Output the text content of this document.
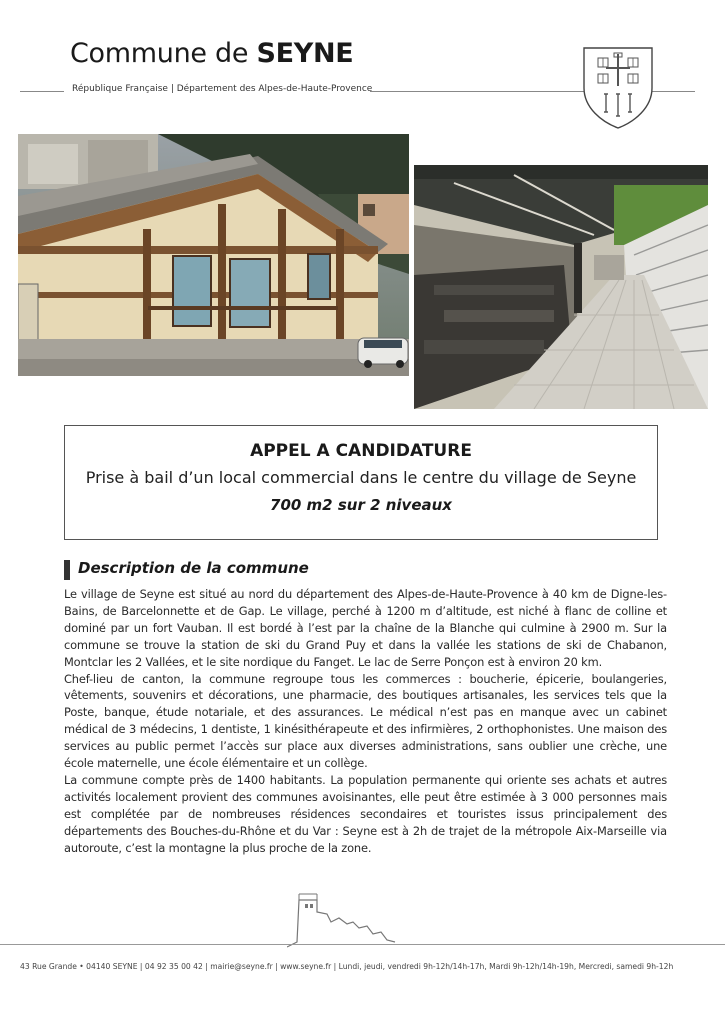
Commune de SEYNE
République Française | Département des Alpes-de-Haute-Provence
APPEL A CANDIDATURE
Prise à bail d’un local commercial dans le centre du village de Seyne
700 m2 sur 2 niveaux
Description de la commune

Le village de Seyne est situé au nord du département des Alpes-de-Haute-Provence à 40 km de Digne-les-Bains, de Barcelonnette et de Gap. Le village, perché à 1200 m d’altitude, est niché à flanc de colline et dominé par un fort Vauban. Il est bordé à l’est par la chaîne de la Blanche qui culmine à 2900 m. Sur la commune se trouve la station de ski du Grand Puy et dans la vallée les stations de ski de Chabanon, Montclar les 2 Vallées, et le site nordique du Fanget. Le lac de Serre Ponçon est à environ 20 km.

Chef-lieu de canton, la commune regroupe tous les commerces : boucherie, épicerie, boulangeries, vêtements, souvenirs et décorations, une pharmacie, des boutiques artisanales, les services tels que la Poste, banque, étude notariale, et des assurances. Le médical n’est pas en manque avec un cabinet médical de 3 médecins, 1 dentiste, 1 kinésithérapeute et des infirmières, 2 orthophonistes. Une maison des services au public permet l’accès sur place aux diverses administrations, sans oublier une crèche, une école maternelle, une école élémentaire et un collège.

La commune compte près de 1400 habitants. La population permanente qui oriente ses achats et autres activités localement provient des communes avoisinantes, elle peut être estimée à 3 000 personnes mais est complétée par de nombreuses résidences secondaires et touristes issus principalement des départements des Bouches-du-Rhône et du Var : Seyne est à 2h de trajet de la métropole Aix-Marseille via autoroute, c’est la montagne la plus proche de la zone.

43 Rue Grande • 04140 SEYNE | 04 92 35 00 42 | mairie@seyne.fr | www.seyne.fr | Lundi, jeudi, vendredi 9h-12h/14h-17h, Mardi 9h-12h/14h-19h, Mercredi, samedi 9h-12h
